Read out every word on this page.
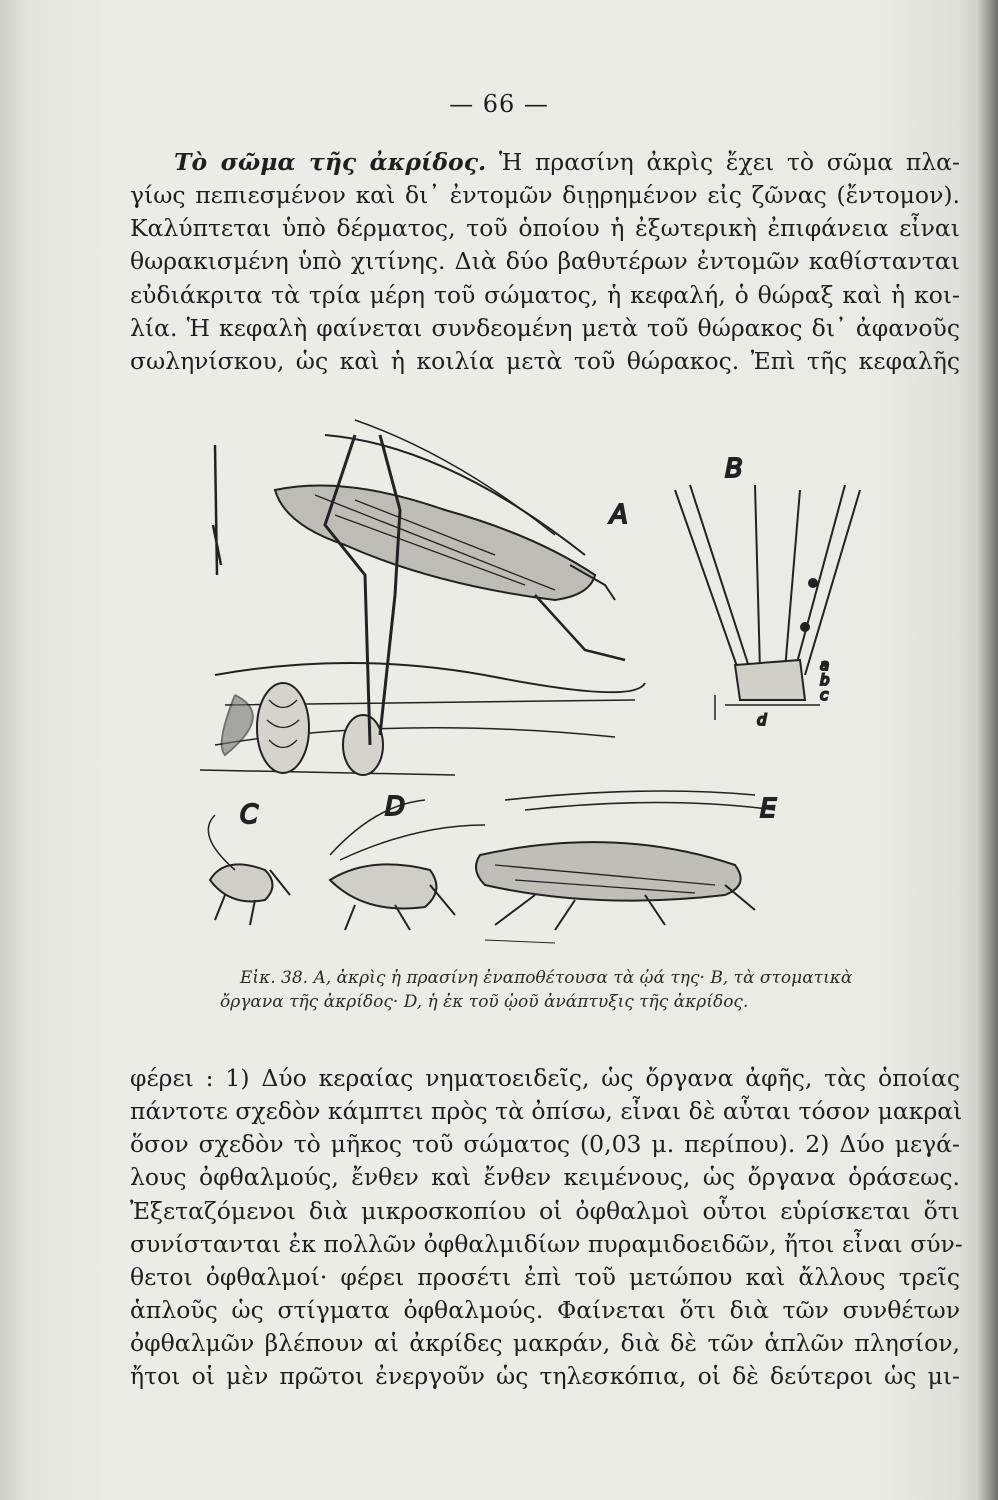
— 66 —
Τὸ σῶμα τῆς ἀκρίδος. Ἡ πρασίνη ἀκρὶς ἔχει τὸ σῶμα πλα-
γίως πεπιεσμένον καὶ δι᾽ ἐντομῶν διῃρημένον εἰς ζῶνας (ἔντομον).
Καλύπτεται ὑπὸ δέρματος, τοῦ ὁποίου ἡ ἐξωτερικὴ ἐπιφάνεια εἶναι
θωρακισμένη ὑπὸ χιτίνης. Διὰ δύο βαθυτέρων ἐντομῶν καθίστανται
εὐδιάκριτα τὰ τρία μέρη τοῦ σώματος, ἡ κεφαλή, ὁ θώραξ καὶ ἡ κοι-
λία. Ἡ κεφαλὴ φαίνεται συνδεομένη μετὰ τοῦ θώρακος δι᾽ ἀφανοῦς
σωληνίσκου, ὡς καὶ ἡ κοιλία μετὰ τοῦ θώρακος. Ἐπὶ τῆς κεφαλῆς
A
B
a
b
c
d
C	D	E
Εἰκ. 38. Α, ἀκρὶς ἡ πρασίνη ἐναποθέτουσα τὰ ᾠά της· Β, τὰ στοματικὰ
ὄργανα τῆς ἀκρίδος· D, ἡ ἐκ τοῦ ᾠοῦ ἀνάπτυξις τῆς ἀκρίδος.
φέρει : 1) Δύο κεραίας νηματοειδεῖς, ὡς ὄργανα ἀφῆς, τὰς ὁποίας
πάντοτε σχεδὸν κάμπτει πρὸς τὰ ὀπίσω, εἶναι δὲ αὗται τόσον μακραὶ
ὅσον σχεδὸν τὸ μῆκος τοῦ σώματος (0,03 μ. περίπου). 2) Δύο μεγά-
λους ὀφθαλμούς, ἔνθεν καὶ ἔνθεν κειμένους, ὡς ὄργανα ὁράσεως.
Ἐξεταζόμενοι διὰ μικροσκοπίου οἱ ὀφθαλμοὶ οὗτοι εὑρίσκεται ὅτι
συνίστανται ἐκ πολλῶν ὀφθαλμιδίων πυραμιδοειδῶν, ἤτοι εἶναι σύν-
θετοι ὀφθαλμοί· φέρει προσέτι ἐπὶ τοῦ μετώπου καὶ ἄλλους τρεῖς
ἁπλοῦς ὡς στίγματα ὀφθαλμούς. Φαίνεται ὅτι διὰ τῶν συνθέτων
ὀφθαλμῶν βλέπουν αἱ ἀκρίδες μακράν, διὰ δὲ τῶν ἁπλῶν πλησίον,
ἤτοι οἱ μὲν πρῶτοι ἐνεργοῦν ὡς τηλεσκόπια, οἱ δὲ δεύτεροι ὡς μι-
